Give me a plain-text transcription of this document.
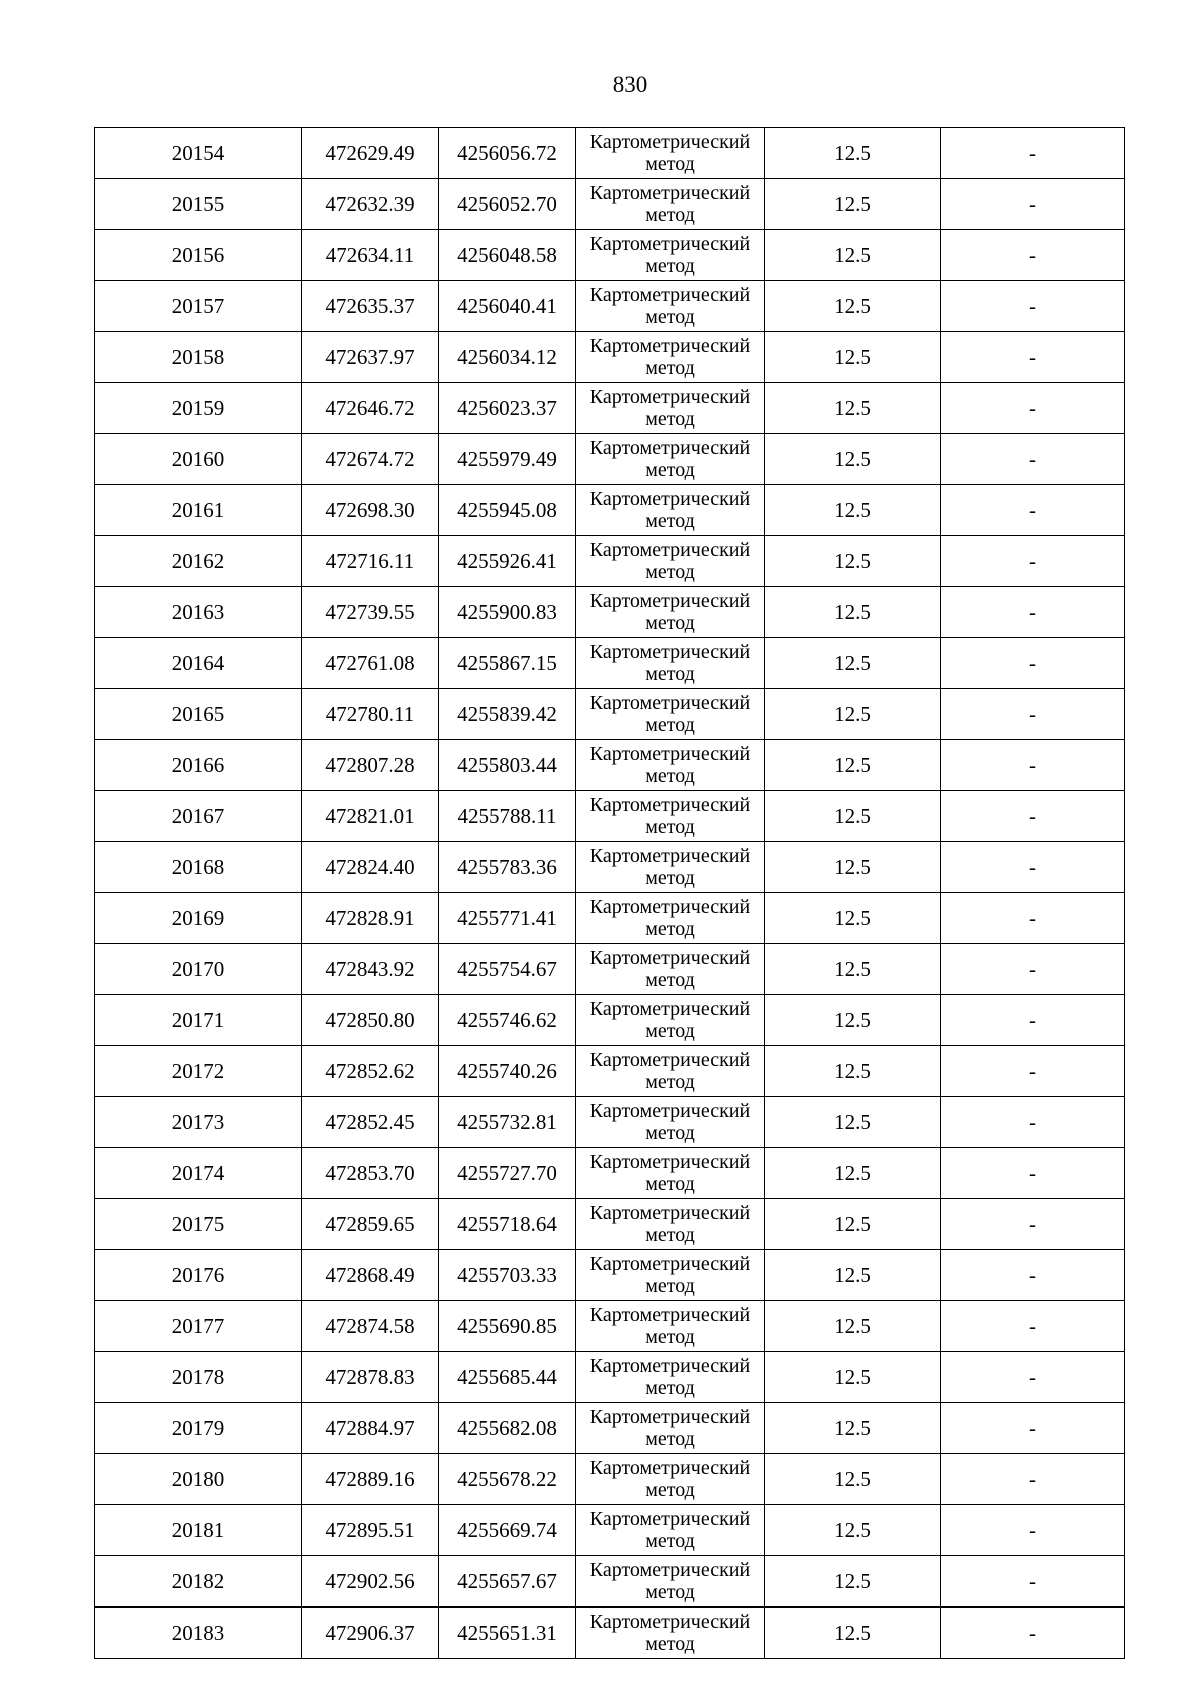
830
20154	472629.49	4256056.72	Картометрический метод	12.5	-
20155	472632.39	4256052.70	Картометрический метод	12.5	-
20156	472634.11	4256048.58	Картометрический метод	12.5	-
20157	472635.37	4256040.41	Картометрический метод	12.5	-
20158	472637.97	4256034.12	Картометрический метод	12.5	-
20159	472646.72	4256023.37	Картометрический метод	12.5	-
20160	472674.72	4255979.49	Картометрический метод	12.5	-
20161	472698.30	4255945.08	Картометрический метод	12.5	-
20162	472716.11	4255926.41	Картометрический метод	12.5	-
20163	472739.55	4255900.83	Картометрический метод	12.5	-
20164	472761.08	4255867.15	Картометрический метод	12.5	-
20165	472780.11	4255839.42	Картометрический метод	12.5	-
20166	472807.28	4255803.44	Картометрический метод	12.5	-
20167	472821.01	4255788.11	Картометрический метод	12.5	-
20168	472824.40	4255783.36	Картометрический метод	12.5	-
20169	472828.91	4255771.41	Картометрический метод	12.5	-
20170	472843.92	4255754.67	Картометрический метод	12.5	-
20171	472850.80	4255746.62	Картометрический метод	12.5	-
20172	472852.62	4255740.26	Картометрический метод	12.5	-
20173	472852.45	4255732.81	Картометрический метод	12.5	-
20174	472853.70	4255727.70	Картометрический метод	12.5	-
20175	472859.65	4255718.64	Картометрический метод	12.5	-
20176	472868.49	4255703.33	Картометрический метод	12.5	-
20177	472874.58	4255690.85	Картометрический метод	12.5	-
20178	472878.83	4255685.44	Картометрический метод	12.5	-
20179	472884.97	4255682.08	Картометрический метод	12.5	-
20180	472889.16	4255678.22	Картометрический метод	12.5	-
20181	472895.51	4255669.74	Картометрический метод	12.5	-
20182	472902.56	4255657.67	Картометрический метод	12.5	-
20183	472906.37	4255651.31	Картометрический метод	12.5	-
